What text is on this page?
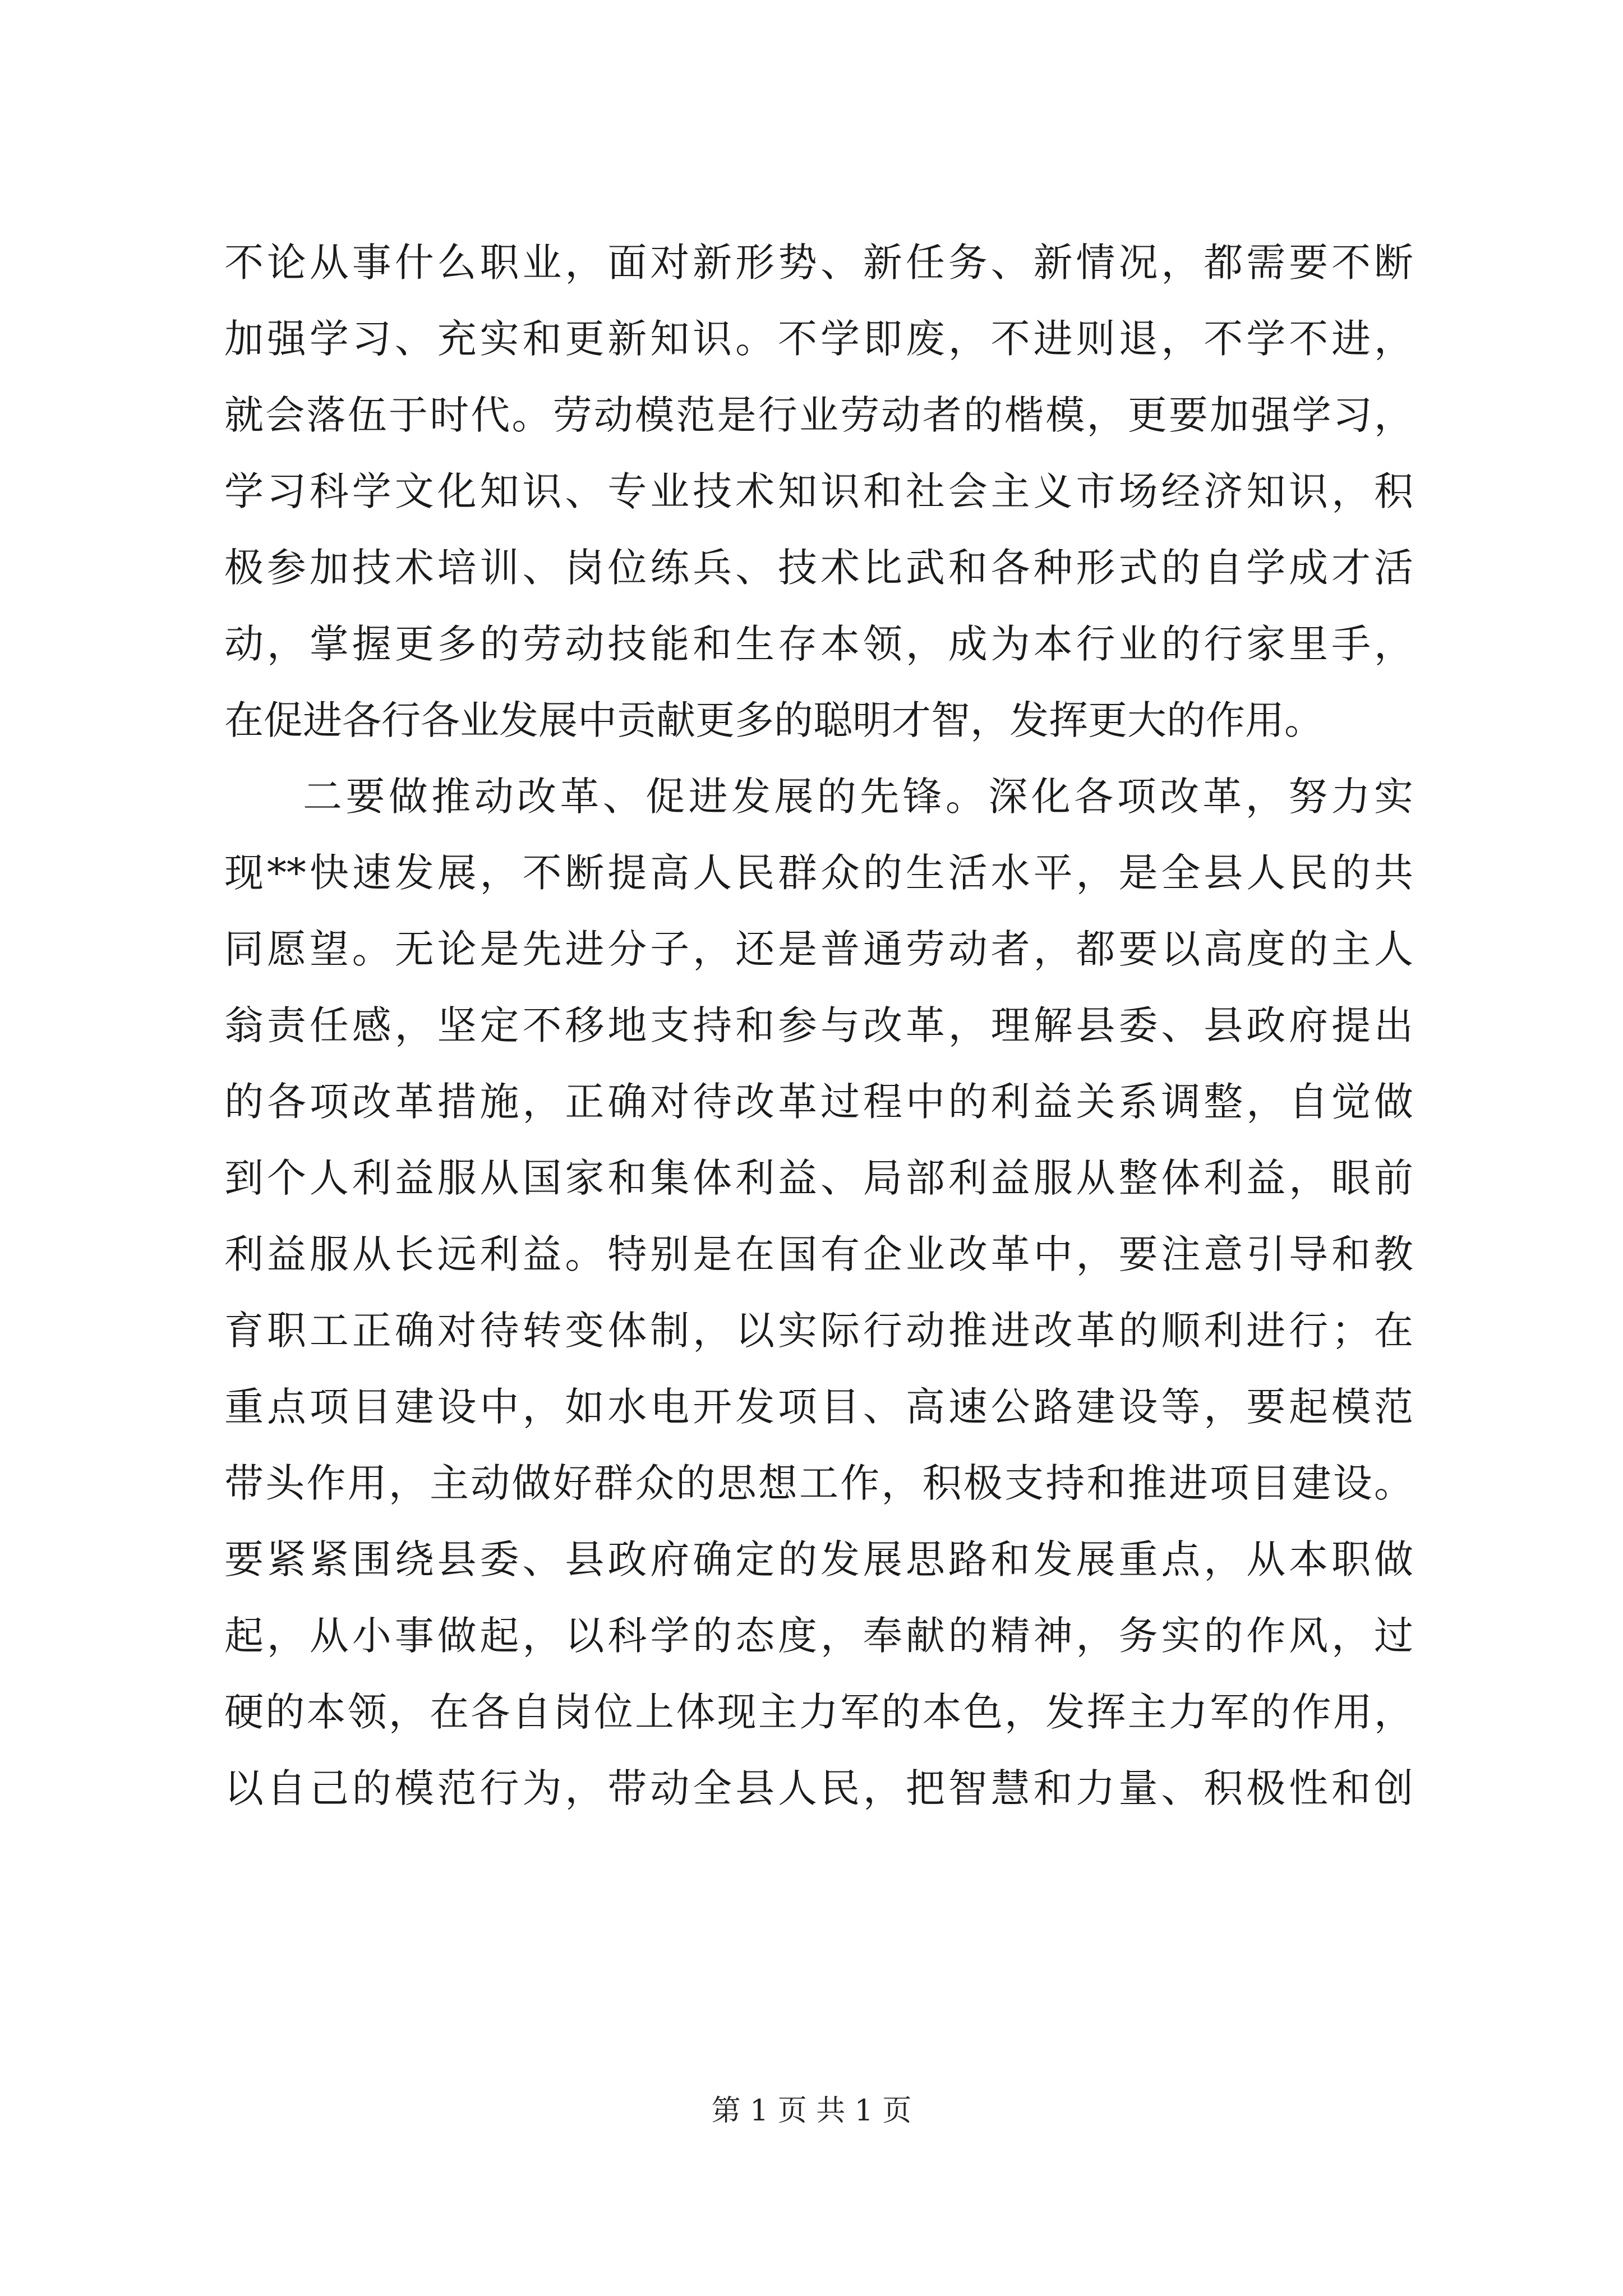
不论从事什么职业，面对新形势、新任务、新情况，都需要不断
加强学习、充实和更新知识。不学即废，不进则退，不学不进，
就会落伍于时代。劳动模范是行业劳动者的楷模，更要加强学习，
学习科学文化知识、专业技术知识和社会主义市场经济知识，积
极参加技术培训、岗位练兵、技术比武和各种形式的自学成才活
动，掌握更多的劳动技能和生存本领，成为本行业的行家里手，
在促进各行各业发展中贡献更多的聪明才智，发挥更大的作用。
二要做推动改革、促进发展的先锋。深化各项改革，努力实
现**快速发展，不断提高人民群众的生活水平，是全县人民的共
同愿望。无论是先进分子，还是普通劳动者，都要以高度的主人
翁责任感，坚定不移地支持和参与改革，理解县委、县政府提出
的各项改革措施，正确对待改革过程中的利益关系调整，自觉做
到个人利益服从国家和集体利益、局部利益服从整体利益，眼前
利益服从长远利益。特别是在国有企业改革中，要注意引导和教
育职工正确对待转变体制，以实际行动推进改革的顺利进行；在
重点项目建设中，如水电开发项目、高速公路建设等，要起模范
带头作用，主动做好群众的思想工作，积极支持和推进项目建设。
要紧紧围绕县委、县政府确定的发展思路和发展重点，从本职做
起，从小事做起，以科学的态度，奉献的精神，务实的作风，过
硬的本领，在各自岗位上体现主力军的本色，发挥主力军的作用，
以自己的模范行为，带动全县人民，把智慧和力量、积极性和创
第 1 页 共 1 页
